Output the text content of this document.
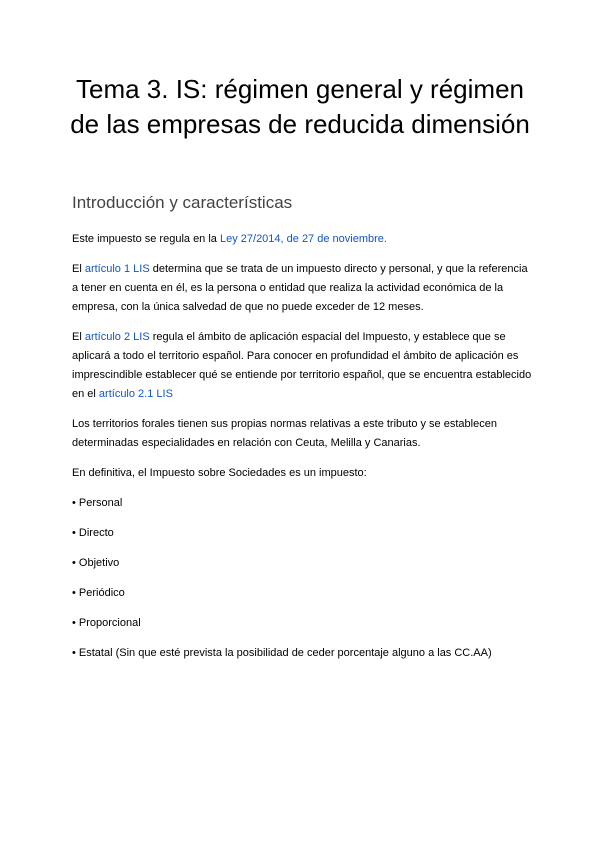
Tema 3. IS: régimen general y régimen de las empresas de reducida dimensión
Introducción y características

Este impuesto se regula en la Ley 27/2014, de 27 de noviembre.

El artículo 1 LIS determina que se trata de un impuesto directo y personal, y que la referencia a tener en cuenta en él, es la persona o entidad que realiza la actividad económica de la empresa, con la única salvedad de que no puede exceder de 12 meses.

El artículo 2 LIS regula el ámbito de aplicación espacial del Impuesto, y establece que se aplicará a todo el territorio español. Para conocer en profundidad el ámbito de aplicación es imprescindible establecer qué se entiende por territorio español, que se encuentra establecido en el artículo 2.1 LIS

Los territorios forales tienen sus propias normas relativas a este tributo y se establecen determinadas especialidades en relación con Ceuta, Melilla y Canarias.

En definitiva, el Impuesto sobre Sociedades es un impuesto:

• Personal

• Directo

• Objetivo

• Periódico

• Proporcional

• Estatal (Sin que esté prevista la posibilidad de ceder porcentaje alguno a las CC.AA)
